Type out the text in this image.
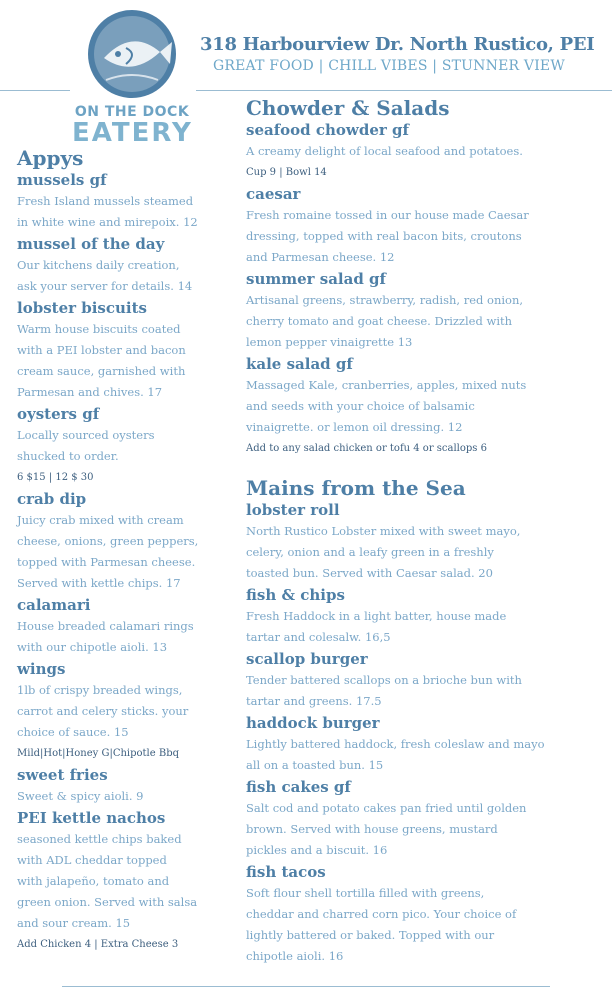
ON THE DOCK
EATERY
318 Harbourview Dr. North Rustico, PEI
GREAT FOOD | CHILL VIBES | STUNNER VIEW
Appys
mussels gf

Fresh Island mussels steamed

in white wine and mirepoix. 12

mussel of the day

Our kitchens daily creation,

ask your server for details. 14

lobster biscuits

Warm house biscuits coated

with a PEI lobster and bacon

cream sauce, garnished with

Parmesan and chives. 17

oysters gf

Locally sourced oysters

shucked to order.

6 $15 | 12 $ 30
crab dip

Juicy crab mixed with cream

cheese, onions, green peppers,

topped with Parmesan cheese.

Served with kettle chips. 17

calamari

House breaded calamari rings

with our chipotle aioli. 13

wings

1lb of crispy breaded wings,

carrot and celery sticks. your

choice of sauce. 15

Mild|Hot|Honey G|Chipotle Bbq
sweet fries

Sweet & spicy aioli. 9

PEI kettle nachos

seasoned kettle chips baked

with ADL cheddar topped

with jalapeño, tomato and

green onion. Served with salsa

and sour cream. 15

Add Chicken 4 | Extra Cheese 3
Chowder & Salads
seafood chowder gf

A creamy delight of local seafood and potatoes.

Cup 9 | Bowl 14
caesar

Fresh romaine tossed in our house made Caesar

dressing, topped with real bacon bits, croutons

and Parmesan cheese. 12

summer salad gf

Artisanal greens, strawberry, radish, red onion,

cherry tomato and goat cheese. Drizzled with

lemon pepper vinaigrette 13

kale salad gf

Massaged Kale, cranberries, apples, mixed nuts

and seeds with your choice of balsamic

vinaigrette. or lemon oil dressing. 12

Add to any salad chicken or tofu 4 or scallops 6
Mains from the Sea
lobster roll

North Rustico Lobster mixed with sweet mayo,

celery, onion and a leafy green in a freshly

toasted bun. Served with Caesar salad. 20

fish & chips

Fresh Haddock in a light batter, house made

tartar and colesalw. 16,5

scallop burger

Tender battered scallops on a brioche bun with

tartar and greens. 17.5

haddock burger

Lightly battered haddock, fresh coleslaw and mayo

all on a toasted bun. 15

fish cakes gf

Salt cod and potato cakes pan fried until golden

brown. Served with house greens, mustard

pickles and a biscuit. 16

fish tacos

Soft flour shell tortilla filled with greens,

cheddar and charred corn pico. Your choice of

lightly battered or baked. Topped with our

chipotle aioli. 16
